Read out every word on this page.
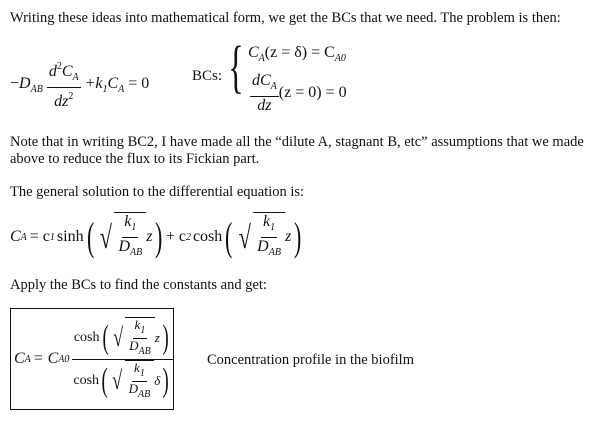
Writing these ideas into mathematical form, we get the BCs that we need. The problem is then:
$-D_{AB} \frac{d^2C_A}{dz^2} +k_1C_A = 0$	BCs: { $C_A(z = \delta) = C_{A0}$
$\frac{dC_A}{dz} (z = 0) = 0$
Note that in writing BC2, I have made all the “dilute A, stagnant B, etc” assumptions that we made
above to reduce the flux to its Fickian part.
The general solution to the differential equation is:
C A = c 1 sinh ( √ $\frac{k_1}{D_{AB}}$ z ) + c 2 cosh ( √ $\frac{k_1}{D_{AB}}$ z )
Apply the BCs to find the constants and get:
C A = C A0
cosh ( √ $\frac{k_1}{D_{AB}}$ z )
cosh ( √ $\frac{k_1}{D_{AB}}$ δ )
Concentration profile in the biofilm
